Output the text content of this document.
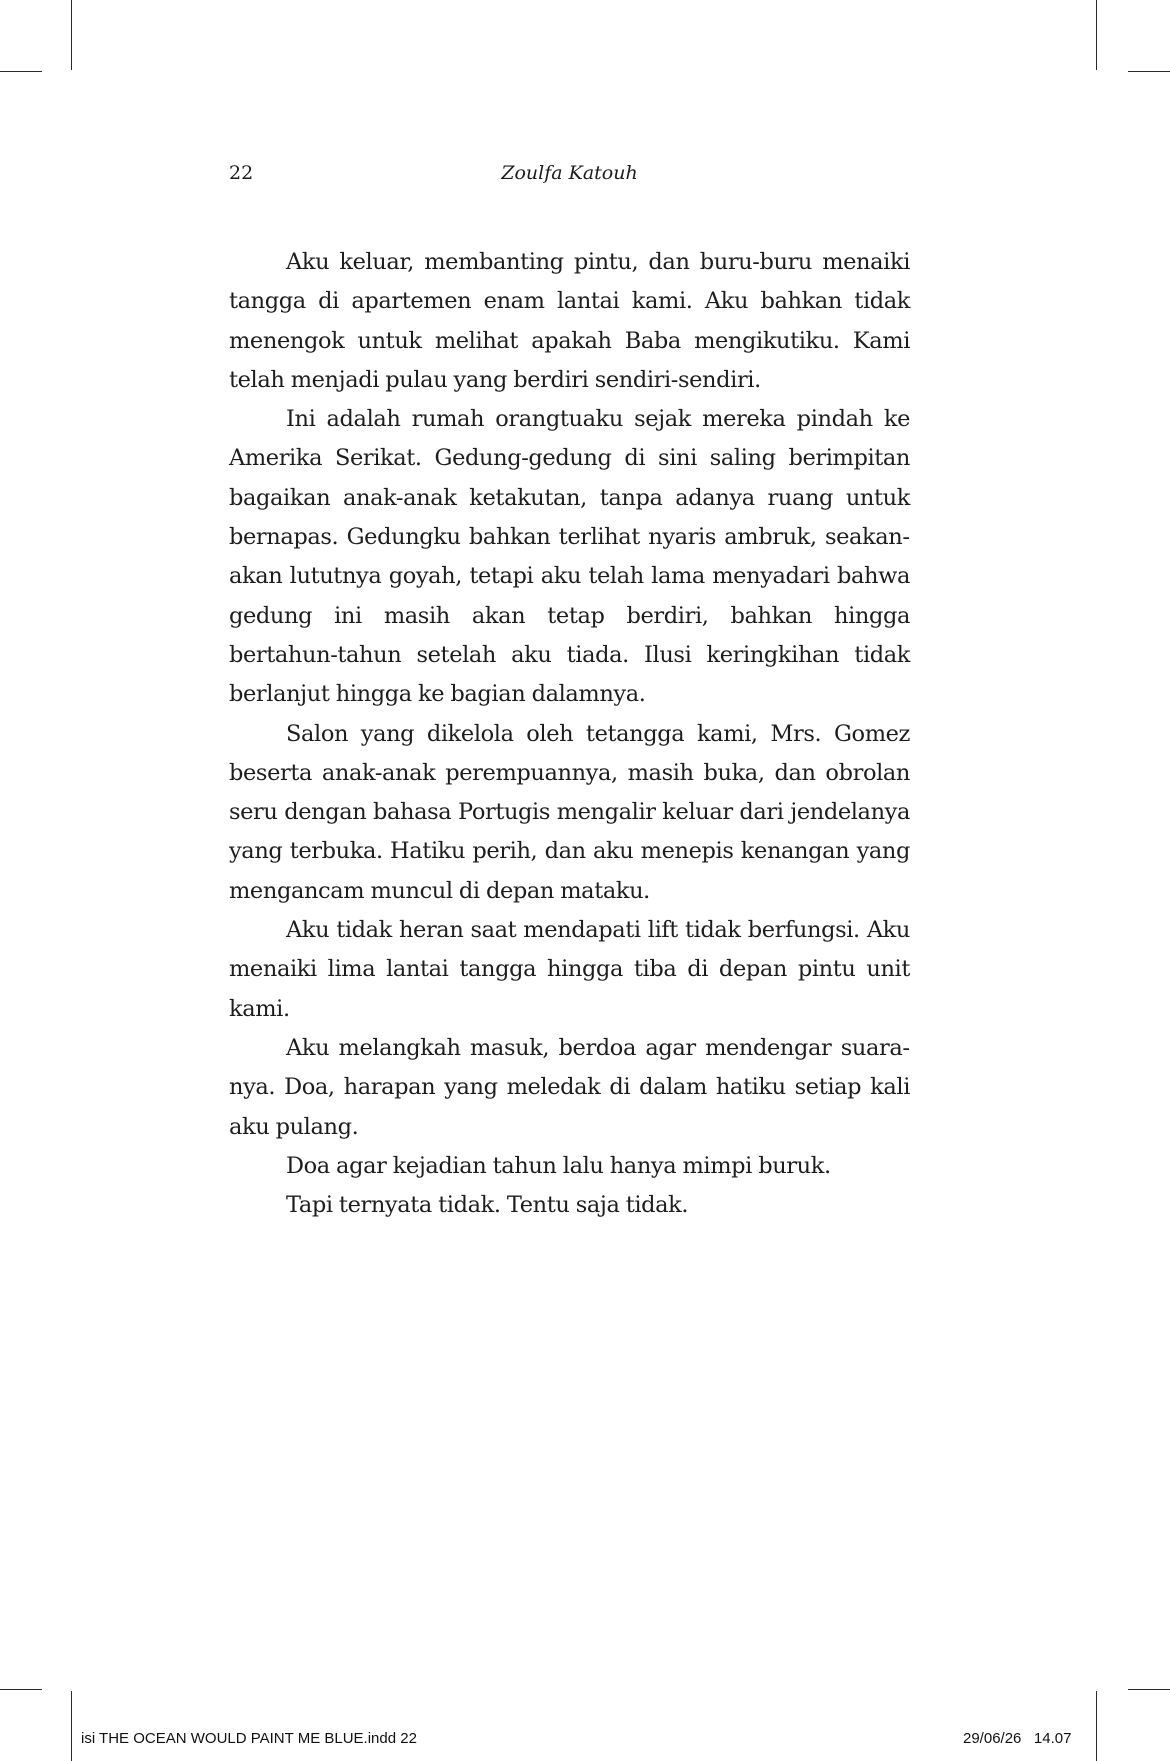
22	Zoulfa Katouh

Aku keluar, membanting pintu, dan buru-buru menaiki tangga di apartemen enam lantai kami. Aku bahkan tidak menengok untuk melihat apakah Baba mengikutiku. Kami telah menjadi pulau yang berdiri sendiri-sendiri.

Ini adalah rumah orangtuaku sejak mereka pindah ke Amerika Serikat. Gedung-gedung di sini saling berimpitan bagaikan anak-anak ketakutan, tanpa adanya ruang untuk bernapas. Gedungku bahkan terlihat nyaris ambruk, seakanakan lututnya goyah, tetapi aku telah lama menyadari bahwa gedung ini masih akan tetap berdiri, bahkan hingga bertahun-tahun setelah aku tiada. Ilusi keringkihan tidak berlanjut hingga ke bagian dalamnya.

Salon yang dikelola oleh tetangga kami, Mrs. Gomez beserta anak-anak perempuannya, masih buka, dan obrolan seru dengan bahasa Portugis mengalir keluar dari jendelanya yang terbuka. Hatiku perih, dan aku menepis kenangan yang mengancam muncul di depan mataku.

Aku tidak heran saat mendapati lift tidak berfungsi. Aku menaiki lima lantai tangga hingga tiba di depan pintu unit kami.

Aku melangkah masuk, berdoa agar mendengar suaranya. Doa, harapan yang meledak di dalam hatiku setiap kali aku pulang.

Doa agar kejadian tahun lalu hanya mimpi buruk.

Tapi ternyata tidak. Tentu saja tidak.

isi THE OCEAN WOULD PAINT ME BLUE.indd 22	29/06/26   14.07
